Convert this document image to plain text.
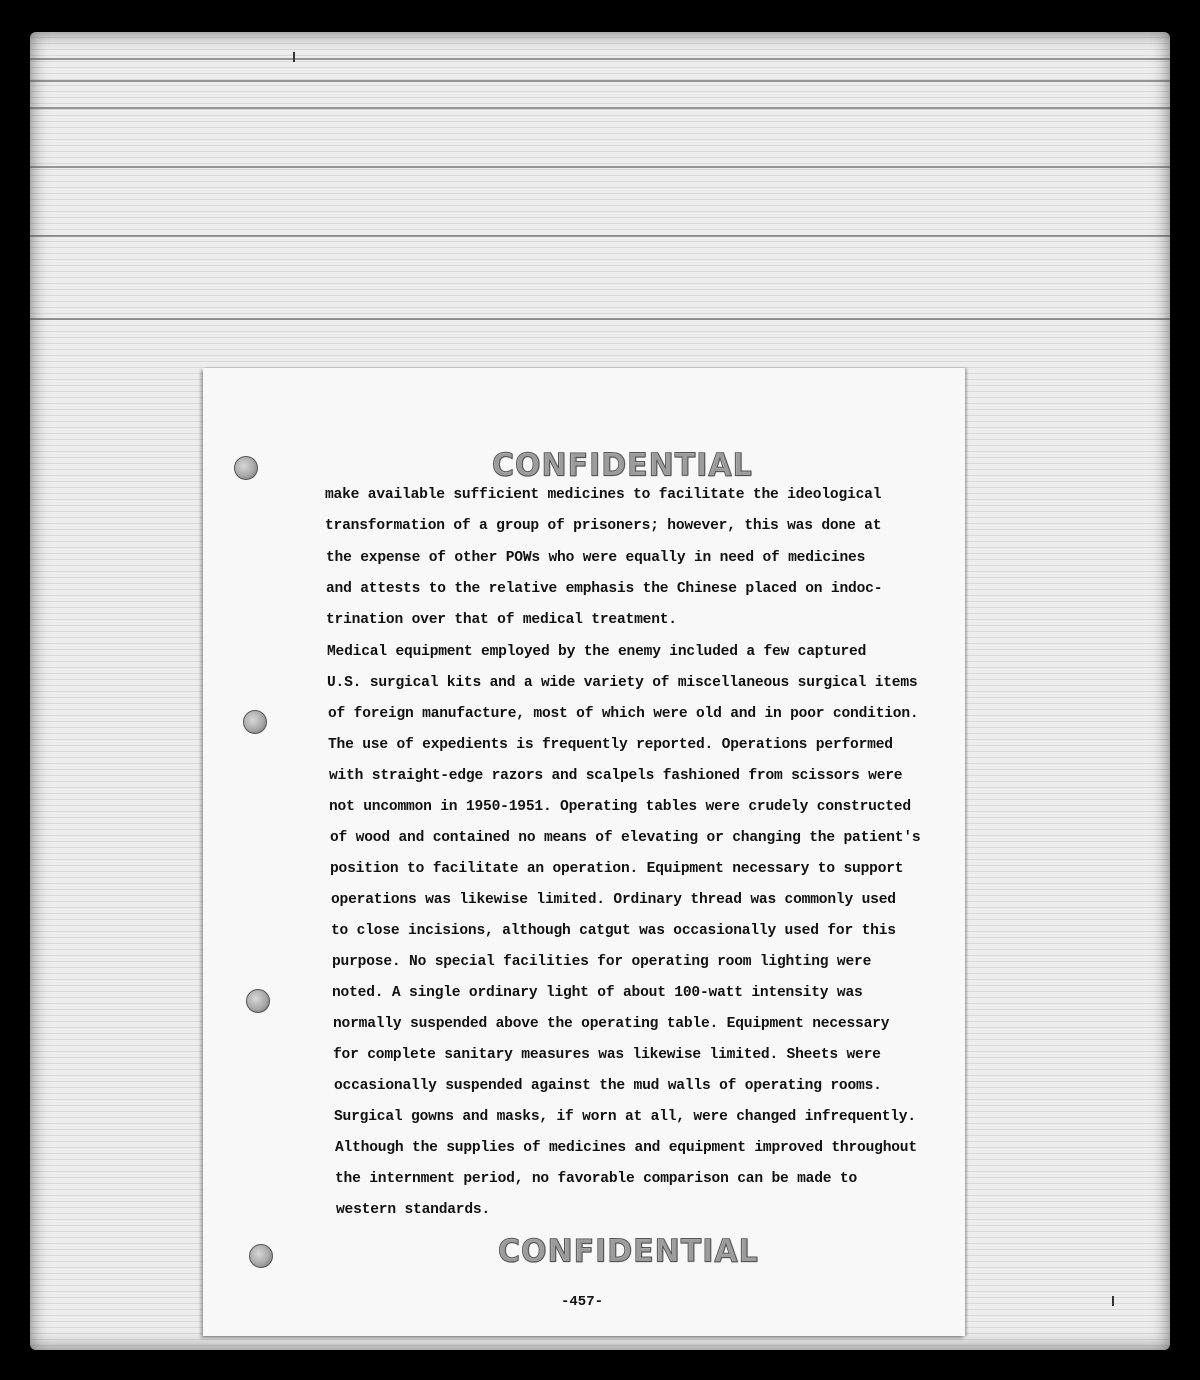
CONFIDENTIAL
make available sufficient medicines to facilitate the ideological
transformation of a group of prisoners; however, this was done at
the expense of other POWs who were equally in need of medicines
and attests to the relative emphasis the Chinese placed on indoc-
trination over that of medical treatment.
Medical equipment employed by the enemy included a few captured
U.S. surgical kits and a wide variety of miscellaneous surgical items
of foreign manufacture, most of which were old and in poor condition.
The use of expedients is frequently reported. Operations performed
with straight-edge razors and scalpels fashioned from scissors were
not uncommon in 1950-1951. Operating tables were crudely constructed
of wood and contained no means of elevating or changing the patient's
position to facilitate an operation. Equipment necessary to support
operations was likewise limited. Ordinary thread was commonly used
to close incisions, although catgut was occasionally used for this
purpose. No special facilities for operating room lighting were
noted. A single ordinary light of about 100-watt intensity was
normally suspended above the operating table. Equipment necessary
for complete sanitary measures was likewise limited. Sheets were
occasionally suspended against the mud walls of operating rooms.
Surgical gowns and masks, if worn at all, were changed infrequently.
Although the supplies of medicines and equipment improved throughout
the internment period, no favorable comparison can be made to
western standards.
CONFIDENTIAL
-457-
